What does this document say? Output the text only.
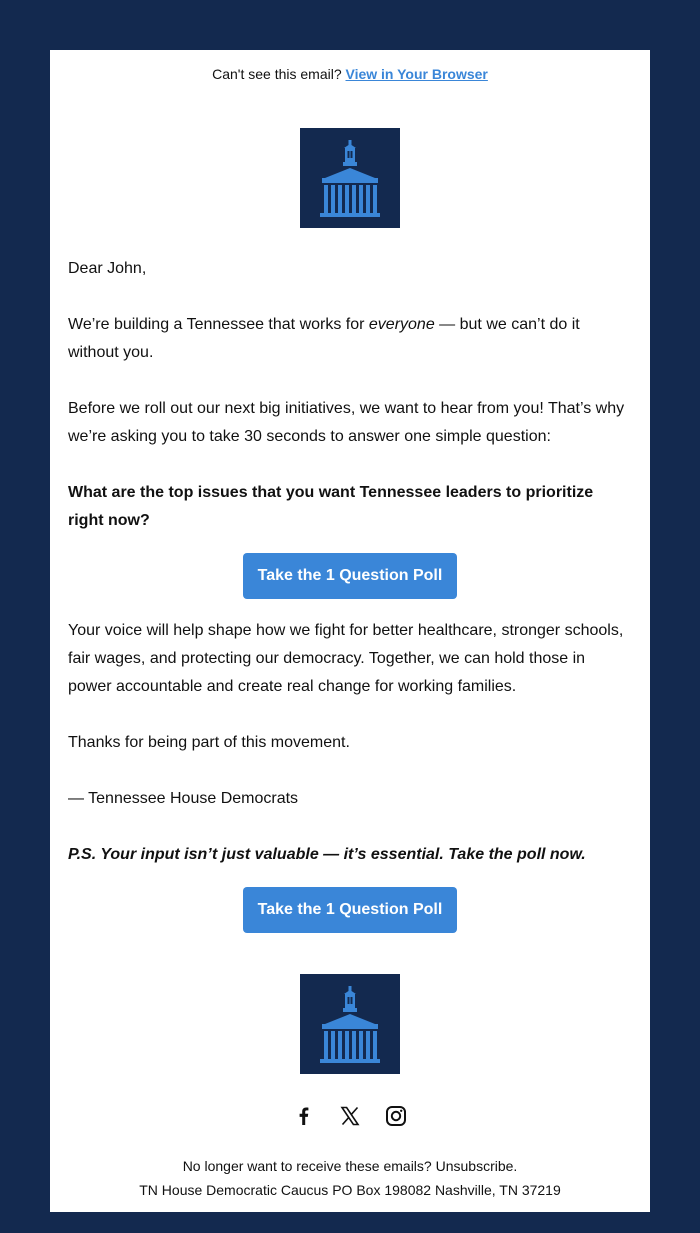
Can't see this email? View in Your Browser

Dear John,

We’re building a Tennessee that works for everyone — but we can’t do it without you.

Before we roll out our next big initiatives, we want to hear from you! That’s why we’re asking you to take 30 seconds to answer one simple question:

What are the top issues that you want Tennessee leaders to prioritize right now?

Take the 1 Question Poll

Your voice will help shape how we fight for better healthcare, stronger schools, fair wages, and protecting our democracy. Together, we can hold those in power accountable and create real change for working families.

Thanks for being part of this movement.

— Tennessee House Democrats

P.S. Your input isn’t just valuable — it’s essential. Take the poll now.

Take the 1 Question Poll
No longer want to receive these emails? Unsubscribe.
TN House Democratic Caucus PO Box 198082 Nashville, TN 37219
